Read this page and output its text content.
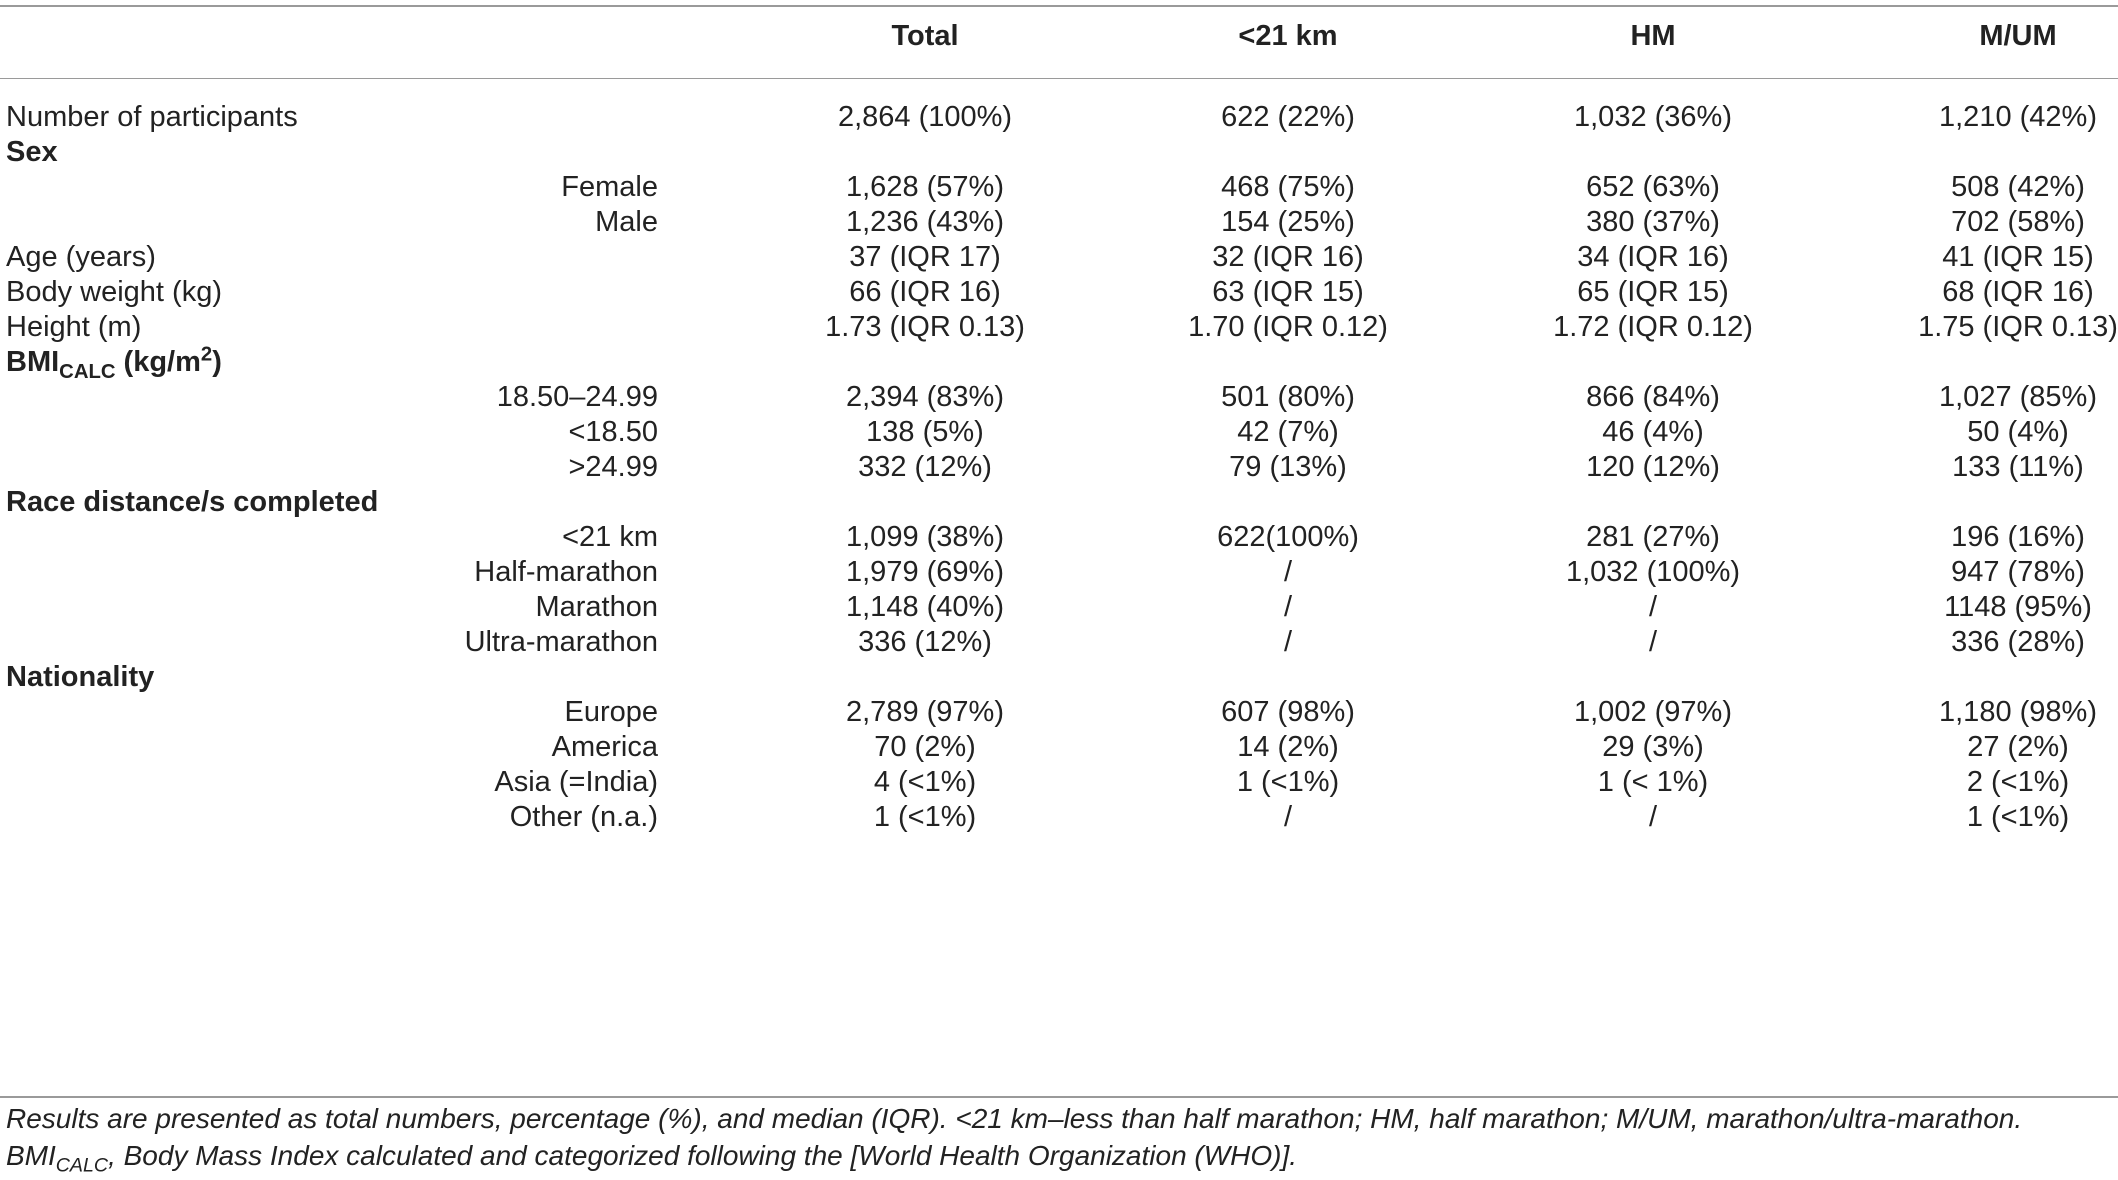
Total	<21 km	HM	M/UM
Number of participants	2,864 (100%)	622 (22%)	1,032 (36%)	1,210 (42%)
Sex
Female	1,628 (57%)	468 (75%)	652 (63%)	508 (42%)
Male	1,236 (43%)	154 (25%)	380 (37%)	702 (58%)
Age (years)	37 (IQR 17)	32 (IQR 16)	34 (IQR 16)	41 (IQR 15)
Body weight (kg)	66 (IQR 16)	63 (IQR 15)	65 (IQR 15)	68 (IQR 16)
Height (m)	1.73 (IQR 0.13)	1.70 (IQR 0.12)	1.72 (IQR 0.12)	1.75 (IQR 0.13)
$BMI_{CALC}$ $(kg/m^2)$
18.50–24.99	2,394 (83%)	501 (80%)	866 (84%)	1,027 (85%)
<18.50	138 (5%)	42 (7%)	46 (4%)	50 (4%)
>24.99	332 (12%)	79 (13%)	120 (12%)	133 (11%)
Race distance/s completed
<21 km	1,099 (38%)	622(100%)	281 (27%)	196 (16%)
Half-marathon	1,979 (69%)	/	1,032 (100%)	947 (78%)
Marathon	1,148 (40%)	/	/	1148 (95%)
Ultra-marathon	336 (12%)	/	/	336 (28%)
Nationality
Europe	2,789 (97%)	607 (98%)	1,002 (97%)	1,180 (98%)
America	70 (2%)	14 (2%)	29 (3%)	27 (2%)
Asia (=India)	4 (<1%)	1 (<1%)	1 (< 1%)	2 (<1%)
Other (n.a.)	1 (<1%)	/	/	1 (<1%)
Results are presented as total numbers, percentage (%), and median (IQR). <21 km–less than half marathon; HM, half marathon; M/UM, marathon/ultra-marathon.
$BMI_{CALC}$, Body Mass Index calculated and categorized following the [World Health Organization (WHO)].
